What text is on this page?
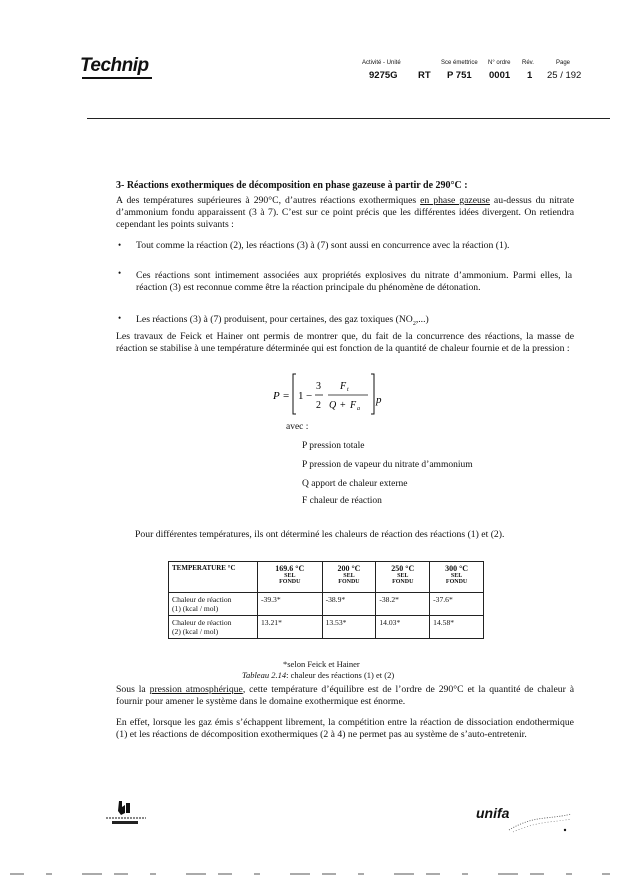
Technip	Activité - Unité	Sce émettrice N° ordre Rév.	Page
9275G RT P 751 0001 1 25 / 192
3- Réactions exothermiques de décomposition en phase gazeuse à partir de 290°C :
A des températures supérieures à 290°C, d’autres réactions exothermiques en phase gazeuse au-dessus du nitrate d’ammonium fondu apparaissent (3 à 7). C’est sur ce point précis que les différentes idées divergent. On retiendra cependant les points suivants :
• Tout comme la réaction (2), les réactions (3) à (7) sont aussi en concurrence avec la réaction (1).
• Ces réactions sont intimement associées aux propriétés explosives du nitrate d’ammonium. Parmi elles, la réaction (3) est reconnue comme être la réaction principale du phénomène de détonation.
• Les réactions (3) à (7) produisent, pour certaines, des gaz toxiques $(NO_2,...)$
Les travaux de Feick et Hainer ont permis de montrer que, du fait de la concurrence des réactions, la masse de réaction se stabilise à une température déterminée qui est fonction de la quantité de chaleur fournie et de la pression :
P = 1 −
3
2
F t
Q + F a
p
avec :
P pression totale
P pression de vapeur du nitrate d’ammonium
Q apport de chaleur externe
F chaleur de réaction
Pour différentes températures, ils ont déterminé les chaleurs de réaction des réactions (1) et (2).
TEMPERATURE °C	169.6 °C
SEL
FONDU	200 °C
SEL
FONDU	250 °C
SEL
FONDU	300 °C
SEL
FONDU

Chaleur de réaction
(1) (kcal / mol)	-39.3*	-38.9*	-38.2*	-37.6*
Chaleur de réaction
(2) (kcal / mol)	13.21*	13.53*	14.03*	14.58*
*selon Feick et Hainer
Tableau 2.14: chaleur des réactions (1) et (2)
Sous la pression atmosphérique, cette température d’équilibre est de l’ordre de 290°C et la quantité de chaleur à fournir pour amener le système dans le domaine exothermique est énorme.
En effet, lorsque les gaz émis s’échappent librement, la compétition entre la réaction de dissociation endothermique (1) et les réactions de décomposition exothermiques (2 à 4) ne permet pas au système de s’auto-entretenir.
unifa
